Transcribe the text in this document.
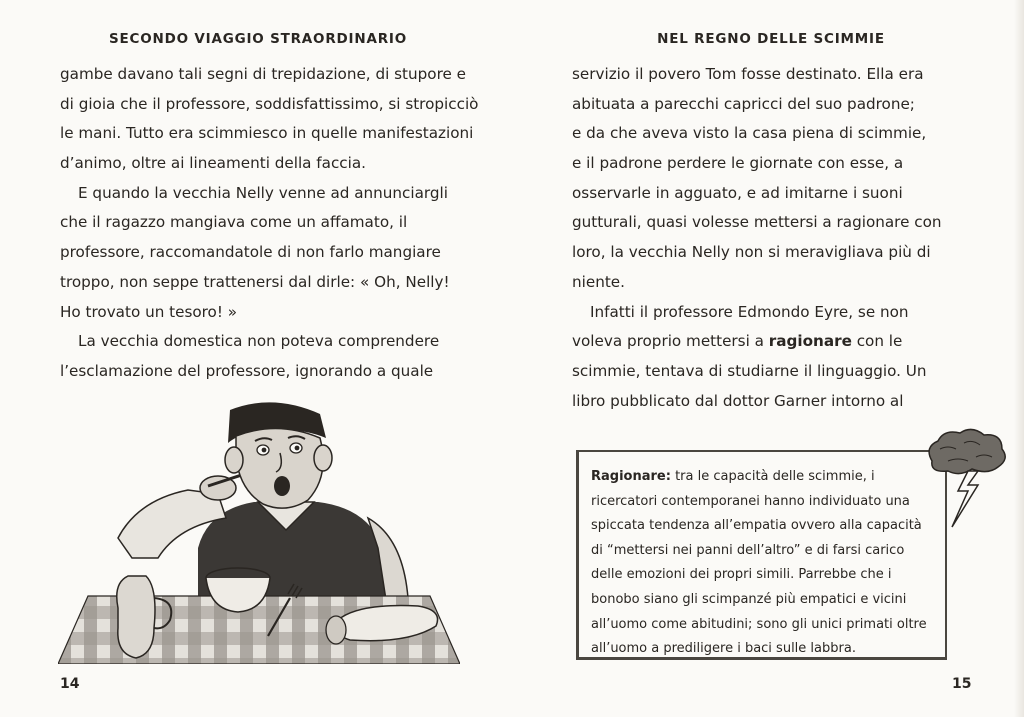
SECONDO VIAGGIO STRAORDINARIO
gambe davano tali segni di trepidazione, di stupore e
di gioia che il professore, soddisfattissimo, si stropicciò
le mani. Tutto era scimmiesco in quelle manifestazioni
d’animo, oltre ai lineamenti della faccia.
E quando la vecchia Nelly venne ad annunciargli
che il ragazzo mangiava come un affamato, il
professore, raccomandatole di non farlo mangiare
troppo, non seppe trattenersi dal dirle: « Oh, Nelly!
Ho trovato un tesoro! »
La vecchia domestica non poteva comprendere
l’esclamazione del professore, ignorando a quale
14
NEL REGNO DELLE SCIMMIE
servizio il povero Tom fosse destinato. Ella era
abituata a parecchi capricci del suo padrone;
e da che aveva visto la casa piena di scimmie,
e il padrone perdere le giornate con esse, a
osservarle in agguato, e ad imitarne i suoni
gutturali, quasi volesse mettersi a ragionare con
loro, la vecchia Nelly non si meravigliava più di
niente.
Infatti il professore Edmondo Eyre, se non
voleva proprio mettersi a ragionare con le
scimmie, tentava di studiarne il linguaggio. Un
libro pubblicato dal dottor Garner intorno al
15
Ragionare: tra le capacità delle scimmie, i
ricercatori contemporanei hanno individuato una
spiccata tendenza all’empatia ovvero alla capacità
di “mettersi nei panni dell’altro” e di farsi carico
delle emozioni dei propri simili. Parrebbe che i
bonobo siano gli scimpanzé più empatici e vicini
all’uomo come abitudini; sono gli unici primati oltre
all’uomo a prediligere i baci sulle labbra.
